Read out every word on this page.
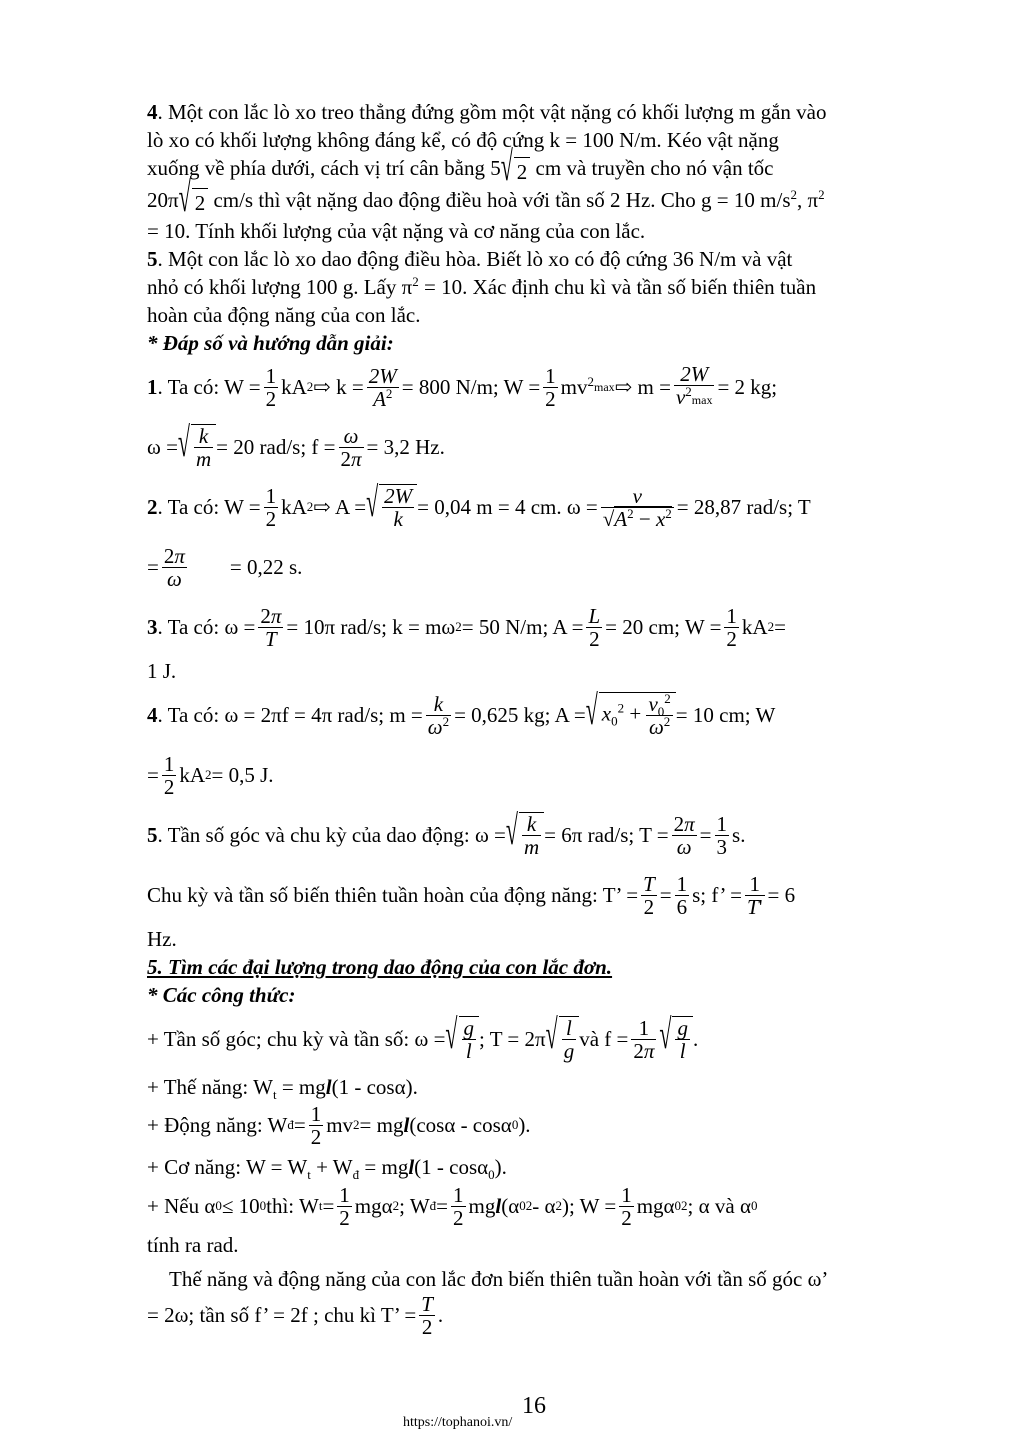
4. Một con lắc lò xo treo thẳng đứng gồm một vật nặng có khối lượng m gắn vào
lò xo có khối lượng không đáng kể, có độ cứng k = 100 N/m. Kéo vật nặng
xuống về phía dưới, cách vị trí cân bằng 5√ 2 cm và truyền cho nó vận tốc
20π√ 2 cm/s thì vật nặng dao động điều hoà với tần số 2 Hz. Cho g = 10 $m/s^2$, $\pi^2$
= 10. Tính khối lượng của vật nặng và cơ năng của con lắc.
5. Một con lắc lò xo dao động điều hòa. Biết lò xo có độ cứng 36 N/m và vật
nhỏ có khối lượng 100 g. Lấy $\pi^2 = 10$. Xác định chu kì và tần số biến thiên tuần
hoàn của động năng của con lắc.
* Đáp số và hướng dẫn giải:
1 . Ta có: $W = \frac{1}{2}$ kA 2 ⇨ $k = \frac{2W}{A^2} = 800$ N/m; $W = \frac{1}{2}$ mv $^2$max ⇨ $m = \frac{2W}{v^2\max} = 2$ kg;
ω = √ $\frac{k}{m} = 20$ rad/s; $f = \frac{\omega}{2\pi} = 3,2$ Hz.
2 . Ta có: $W = \frac{1}{2}$ kA 2 ⇨ A = √ $\frac{2W}{k} = 0,04$ m = 4 cm. $\omega = \frac{v}{√A^2 - x^2} = 28,87$ rad/s; T
= $\frac{2\pi}{\omega} = 0,22$ s.
3 . Ta có: $\omega = \frac{2\pi}{T} = 10\pi$ rad/s; k = mω 2 = 50 N/m; $A = \frac{L}{2} = 20$ cm; $W = \frac{1}{2}$ kA 2 =
1 J.
4 . Ta có: ω = 2πf = 4π rad/s; $m = \frac{k}{\omega^2} = 0,625$ kg; A = √ $x_0^2 + \frac{v_0^2}{\omega^2} = 10$ cm; W
= $\frac{1}{2}$ kA 2 = 0,5 J.
5 . Tần số góc và chu kỳ của dao động: ω = √ $\frac{k}{m} = 6\pi$ rad/s; $T = \frac{2\pi}{\omega} = \frac{1}{3} s$.
Chu kỳ và tần số biến thiên tuần hoàn của động năng: T’ = $\frac{T}{2} = \frac{1}{6} s$; f’ = $\frac{1}{T'} = 6$
Hz.
5. Tìm các đại lượng trong dao động của con lắc đơn.
* Các công thức:
+ Tần số góc; chu kỳ và tần số: ω = √ $\frac{g}{l}$ ; T = 2π √ $\frac{l}{g}$ và $f = \frac{1}{2\pi}$ √ $\frac{g}{l}$ .
+ Thế năng: $W_t = mgl(1 - \cos\alpha)$.
+ Động năng: W đ = $\frac{1}{2}$ mv 2 = mg l (cosα - cosα 0 ).
+ Cơ năng: $W = W_t + W_đ = mgl(1 - \cos\alpha_0)$.
+ Nếu α 0 ≤ 10 0 thì: W $t = \frac{1}{2}$ mgα 2 ; W đ = $\frac{1}{2}$ mg l (α 0 2 - α 2 ); $W = \frac{1}{2}$ mgα 0 2 ; α và α 0
tính ra rad.
Thế năng và động năng của con lắc đơn biến thiên tuần hoàn với tần số góc ω’
= 2ω; tần số f’ = 2f ; chu kì T’ = $\frac{T}{2}$ .
16
https://tophanoi.vn/
